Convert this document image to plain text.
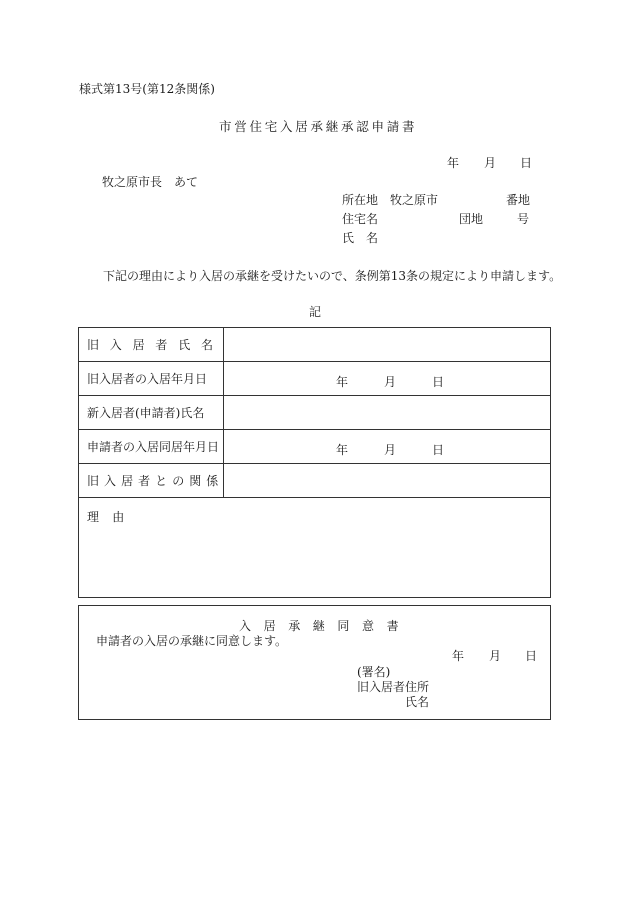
様式第13号(第12条関係)
市営住宅入居承継承認申請書
年 月 日
牧之原市長　あて
所在地　牧之原市	番地
住宅名	団地	号
氏　名
下記の理由により入居の承継を受けたいので、条例第13条の規定により申請します。
記
旧入居者氏名	
旧入居者の入居年月日	年 月 日

新入居者(申請者)氏名	
申請者の入居同居年月日	年 月 日

旧入居者との関係	
理由	
入居承継同意書
申請者の入居の承継に同意します。
年 月 日
(署名)
旧入居者住所
氏名
